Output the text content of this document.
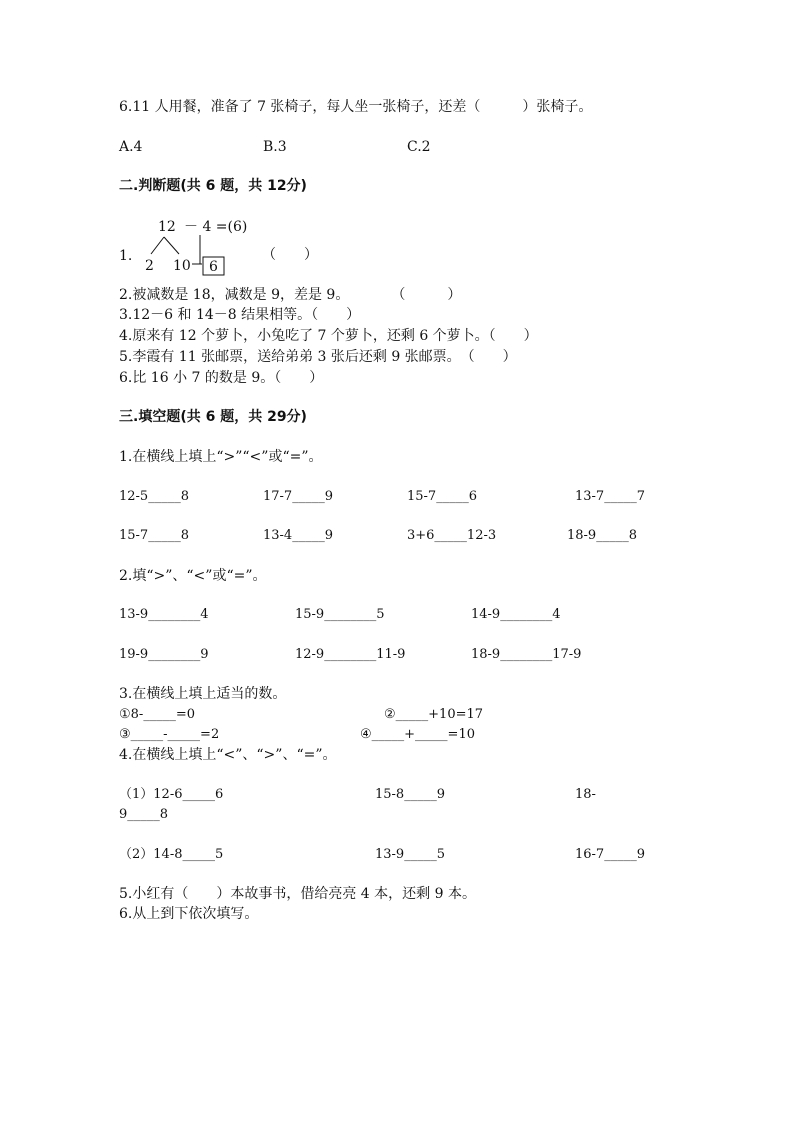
6.11 人用餐，准备了 7 张椅子，每人坐一张椅子，还差（　　　）张椅子。
A.4	B.3	C.2
二.判断题(共 6 题，共 12分)
1.
12 － 4 =(6)
2 10 6
（　　）
2.被减数是 18，减数是 9，差是 9。　　　　（　　　）
3.12－6 和 14－8 结果相等。（　　）
4.原来有 12 个萝卜，小兔吃了 7 个萝卜，还剩 6 个萝卜。（　　）
5.李霞有 11 张邮票，送给弟弟 3 张后还剩 9 张邮票。　（　　）
6.比 16 小 7 的数是 9。（　　）
三.填空题(共 6 题，共 29分)
1.在横线上填上“>”“<”或“=”。
12-5_____8	17-7_____9	15-7_____6	13-7_____7
15-7_____8	13-4_____9	3+6_____12-3	18-9_____8
2.填“>”、“<”或“=”。
13-9________4	15-9________5	14-9________4
19-9________9	12-9________11-9	18-9________17-9
3.在横线上填上适当的数。
①8-_____=0	②_____+10=17
③_____-_____=2	④_____+_____=10
4.在横线上填上“<”、“>”、“=”。
（1）12-6_____6	15-8_____9	18-
9_____8
（2）14-8_____5	13-9_____5	16-7_____9
5.小红有（　　）本故事书，借给亮亮 4 本，还剩 9 本。
6.从上到下依次填写。
